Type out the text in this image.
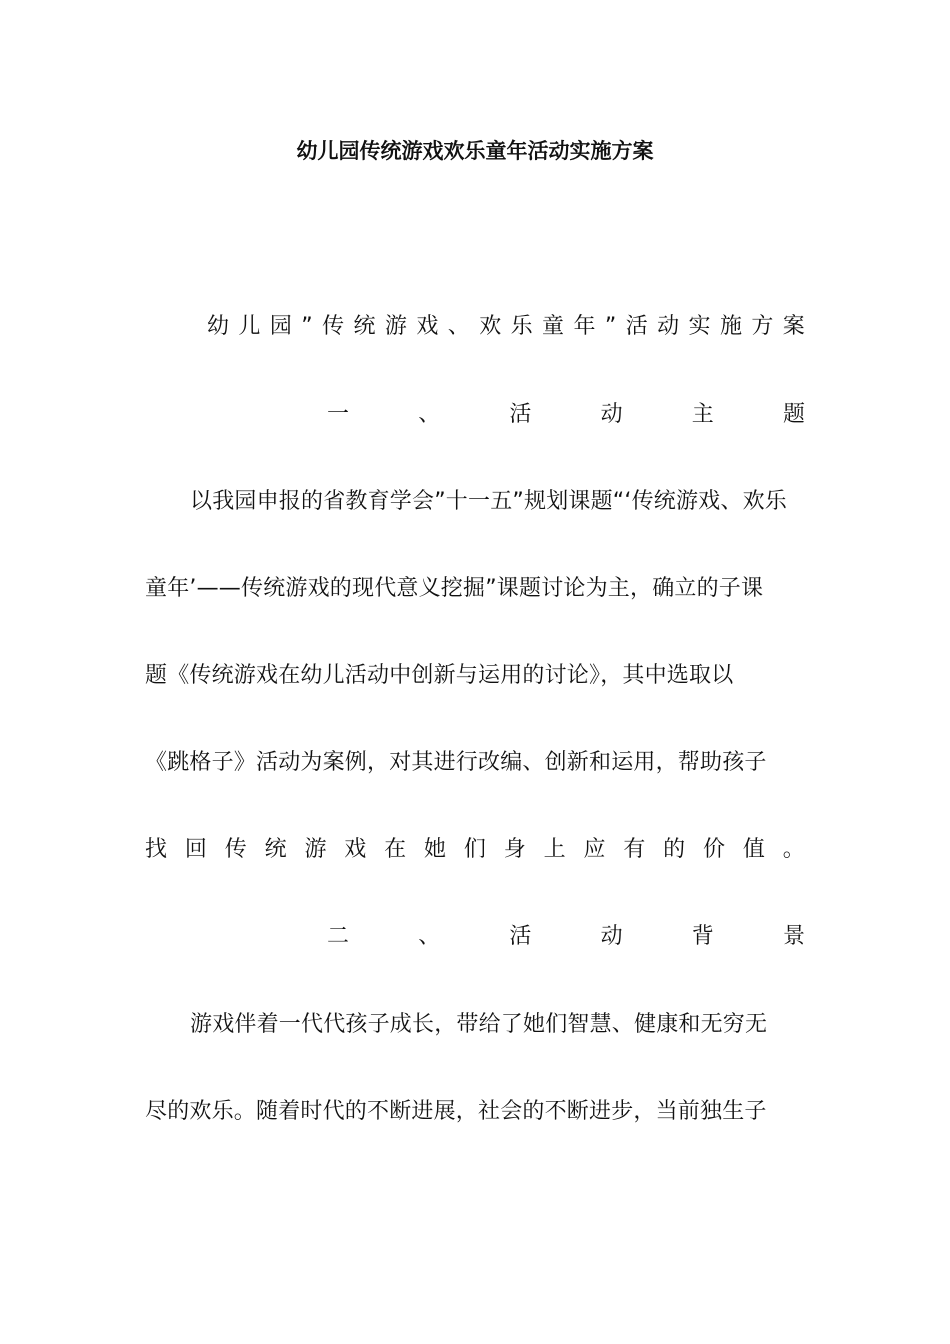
幼儿园传统游戏欢乐童年活动实施方案
幼 儿 园 ” 传 统 游 戏 、 欢 乐 童 年 ” 活 动 实 施 方 案
一	、	活	动	主	题
以我园申报的省教育学会”十一五”规划课题“‘传统游戏、欢乐
童年’——传统游戏的现代意义挖掘”课题讨论为主，确立的子课
题《传统游戏在幼儿活动中创新与运用的讨论》，其中选取以
《跳格子》活动为案例，对其进行改编、创新和运用，帮助孩子
找 回 传 统 游 戏 在 她 们 身 上 应 有 的 价 值 。
二	、	活	动	背	景
游戏伴着一代代孩子成长，带给了她们智慧、健康和无穷无
尽的欢乐。随着时代的不断进展，社会的不断进步，当前独生子
